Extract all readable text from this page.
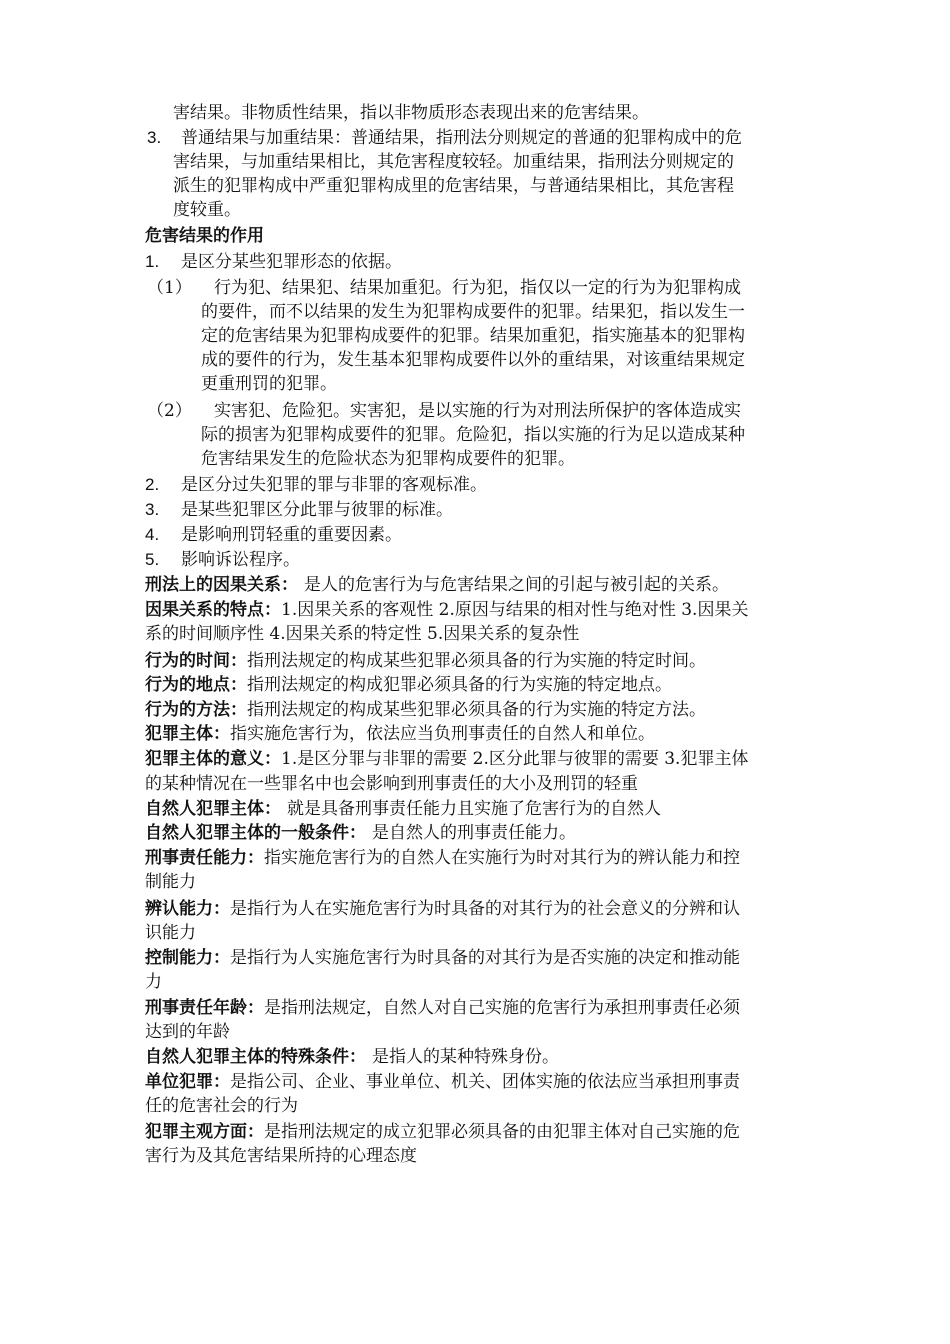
害结果。非物质性结果，指以非物质形态表现出来的危害结果。
3. 普通结果与加重结果：普通结果，指刑法分则规定的普通的犯罪构成中的危
害结果，与加重结果相比，其危害程度较轻。加重结果，指刑法分则规定的
派生的犯罪构成中严重犯罪构成里的危害结果，与普通结果相比，其危害程
度较重。
危害结果的作用
1. 是区分某些犯罪形态的依据。
（1） 行为犯、结果犯、结果加重犯。行为犯，指仅以一定的行为为犯罪构成
的要件，而不以结果的发生为犯罪构成要件的犯罪。结果犯，指以发生一
定的危害结果为犯罪构成要件的犯罪。结果加重犯，指实施基本的犯罪构
成的要件的行为，发生基本犯罪构成要件以外的重结果，对该重结果规定
更重刑罚的犯罪。
（2） 实害犯、危险犯。实害犯，是以实施的行为对刑法所保护的客体造成实
际的损害为犯罪构成要件的犯罪。危险犯，指以实施的行为足以造成某种
危害结果发生的危险状态为犯罪构成要件的犯罪。
2. 是区分过失犯罪的罪与非罪的客观标准。
3. 是某些犯罪区分此罪与彼罪的标准。
4. 是影响刑罚轻重的重要因素。
5. 影响诉讼程序。
刑法上的因果关系： 是人的危害行为与危害结果之间的引起与被引起的关系。
因果关系的特点：1.因果关系的客观性 2.原因与结果的相对性与绝对性 3.因果关
系的时间顺序性 4.因果关系的特定性 5.因果关系的复杂性
行为的时间：指刑法规定的构成某些犯罪必须具备的行为实施的特定时间。
行为的地点：指刑法规定的构成犯罪必须具备的行为实施的特定地点。
行为的方法：指刑法规定的构成某些犯罪必须具备的行为实施的特定方法。
犯罪主体：指实施危害行为，依法应当负刑事责任的自然人和单位。
犯罪主体的意义：1.是区分罪与非罪的需要 2.区分此罪与彼罪的需要 3.犯罪主体
的某种情况在一些罪名中也会影响到刑事责任的大小及刑罚的轻重
自然人犯罪主体： 就是具备刑事责任能力且实施了危害行为的自然人
自然人犯罪主体的一般条件： 是自然人的刑事责任能力。
刑事责任能力：指实施危害行为的自然人在实施行为时对其行为的辨认能力和控
制能力
辨认能力：是指行为人在实施危害行为时具备的对其行为的社会意义的分辨和认
识能力
控制能力：是指行为人实施危害行为时具备的对其行为是否实施的决定和推动能
力
刑事责任年龄：是指刑法规定，自然人对自己实施的危害行为承担刑事责任必须
达到的年龄
自然人犯罪主体的特殊条件： 是指人的某种特殊身份。
单位犯罪：是指公司、企业、事业单位、机关、团体实施的依法应当承担刑事责
任的危害社会的行为
犯罪主观方面：是指刑法规定的成立犯罪必须具备的由犯罪主体对自己实施的危
害行为及其危害结果所持的心理态度
